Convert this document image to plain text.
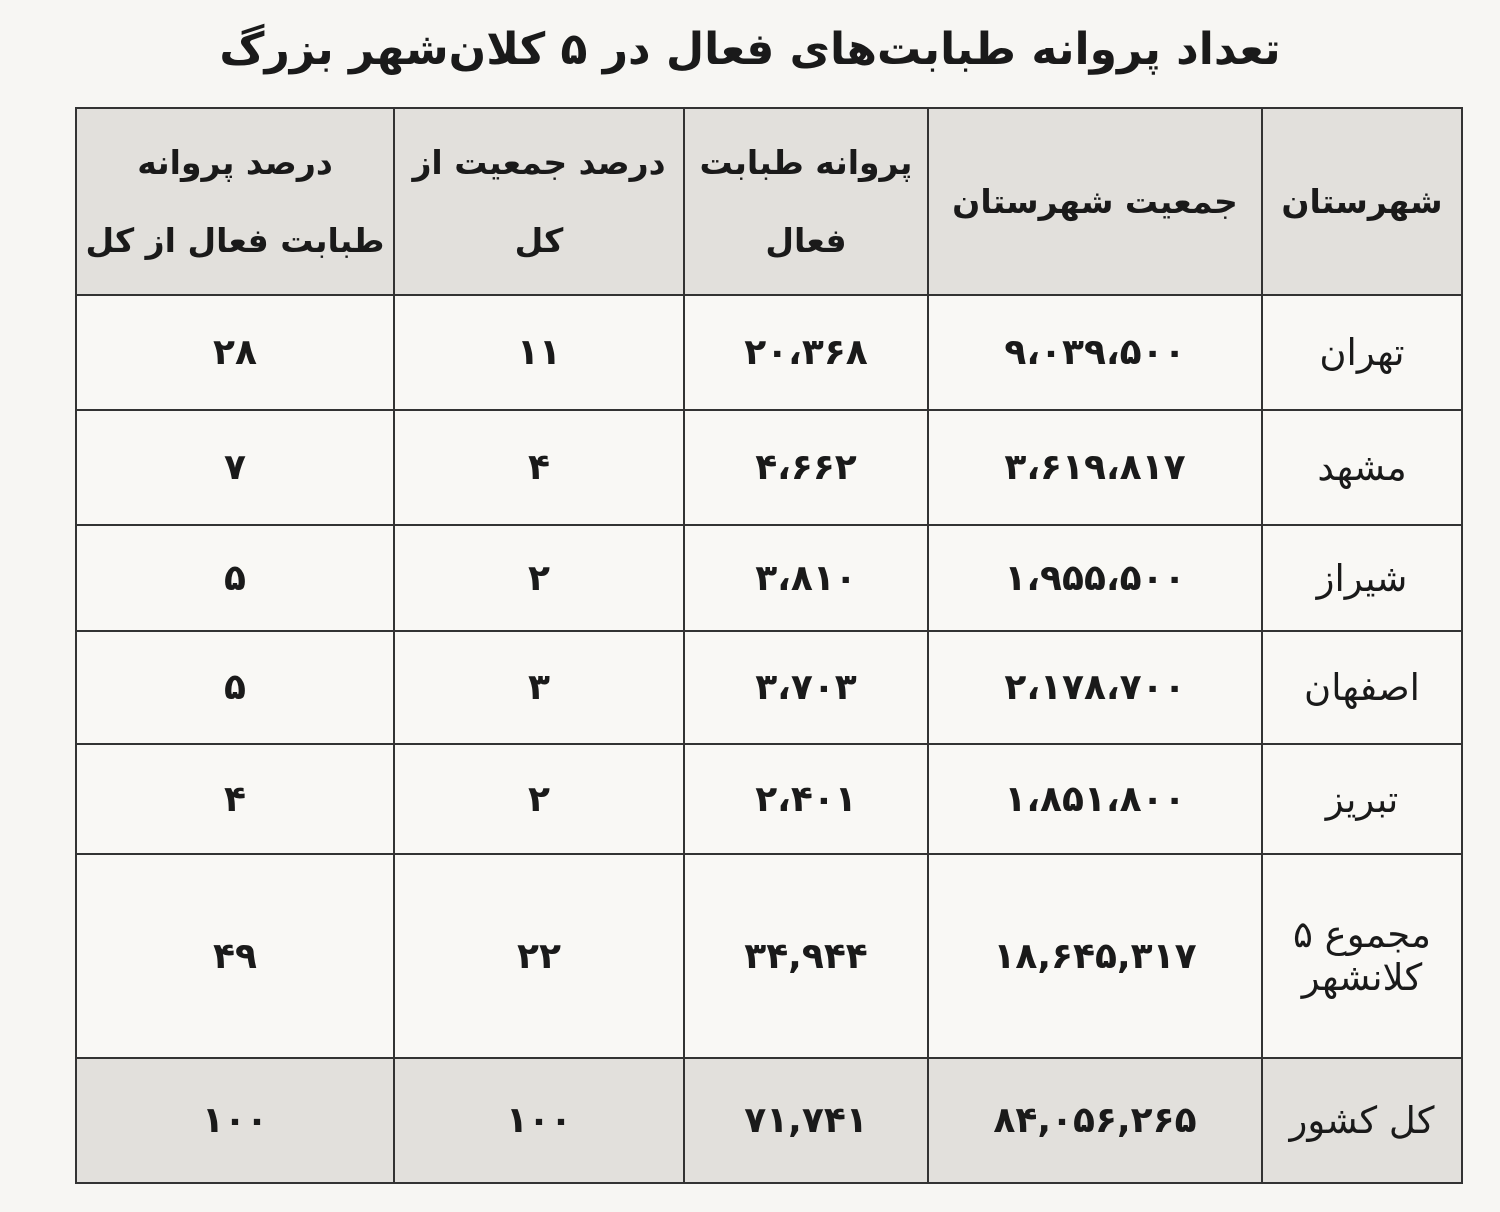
تعداد پروانه طبابت‌های فعال در ۵ کلان‌شهر بزرگ
شهرستان	جمعیت شهرستان	پروانه طبابت فعال	درصد جمعیت از کل	درصد پروانه طبابت فعال از کل
تهران	۹،۰۳۹،۵۰۰	۲۰،۳۶۸	۱۱	۲۸
مشهد	۳،۶۱۹،۸۱۷	۴،۶۶۲	۴	۷
شیراز	۱،۹۵۵،۵۰۰	۳،۸۱۰	۲	۵
اصفهان	۲،۱۷۸،۷۰۰	۳،۷۰۳	۳	۵
تبریز	۱،۸۵۱،۸۰۰	۲،۴۰۱	۲	۴
مجموع ۵ کلانشهر	۱۸,۶۴۵,۳۱۷	۳۴,۹۴۴	۲۲	۴۹
کل کشور	۸۴,۰۵۶,۲۶۵	۷۱,۷۴۱	۱۰۰	۱۰۰
